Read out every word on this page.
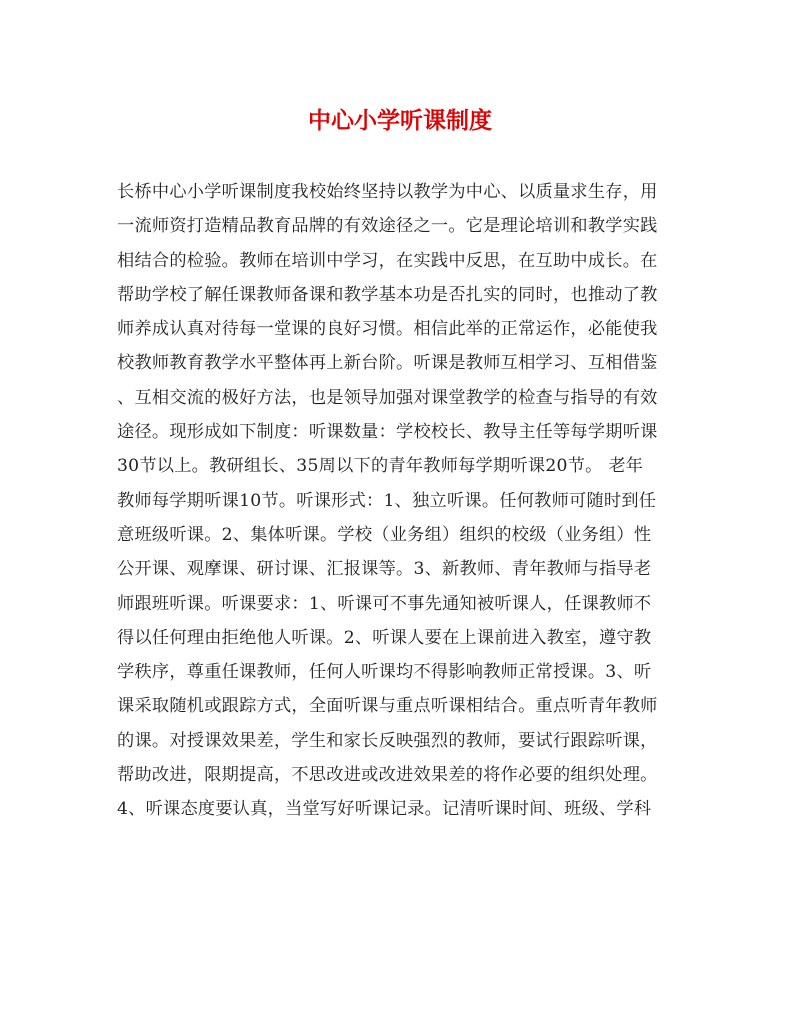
中心小学听课制度
长桥中心小学听课制度我校始终坚持以教学为中心、以质量求生存，用
一流师资打造精品教育品牌的有效途径之一。它是理论培训和教学实践
相结合的检验。教师在培训中学习，在实践中反思，在互助中成长。在
帮助学校了解任课教师备课和教学基本功是否扎实的同时，也推动了教
师养成认真对待每一堂课的良好习惯。相信此举的正常运作，必能使我
校教师教育教学水平整体再上新台阶。听课是教师互相学习、互相借鉴
、互相交流的极好方法，也是领导加强对课堂教学的检查与指导的有效
途径。现形成如下制度：听课数量：学校校长、教导主任等每学期听课
30节以上。教研组长、35周以下的青年教师每学期听课20节。 老年
教师每学期听课10节。听课形式：1、独立听课。任何教师可随时到任
意班级听课。2、集体听课。学校（业务组）组织的校级（业务组）性
公开课、观摩课、研讨课、汇报课等。3、新教师、青年教师与指导老
师跟班听课。听课要求：1、听课可不事先通知被听课人，任课教师不
得以任何理由拒绝他人听课。2、听课人要在上课前进入教室，遵守教
学秩序，尊重任课教师，任何人听课均不得影响教师正常授课。3、听
课采取随机或跟踪方式，全面听课与重点听课相结合。重点听青年教师
的课。对授课效果差，学生和家长反映强烈的教师，要试行跟踪听课，
帮助改进，限期提高，不思改进或改进效果差的将作必要的组织处理。
4、听课态度要认真，当堂写好听课记录。记清听课时间、班级、学科
